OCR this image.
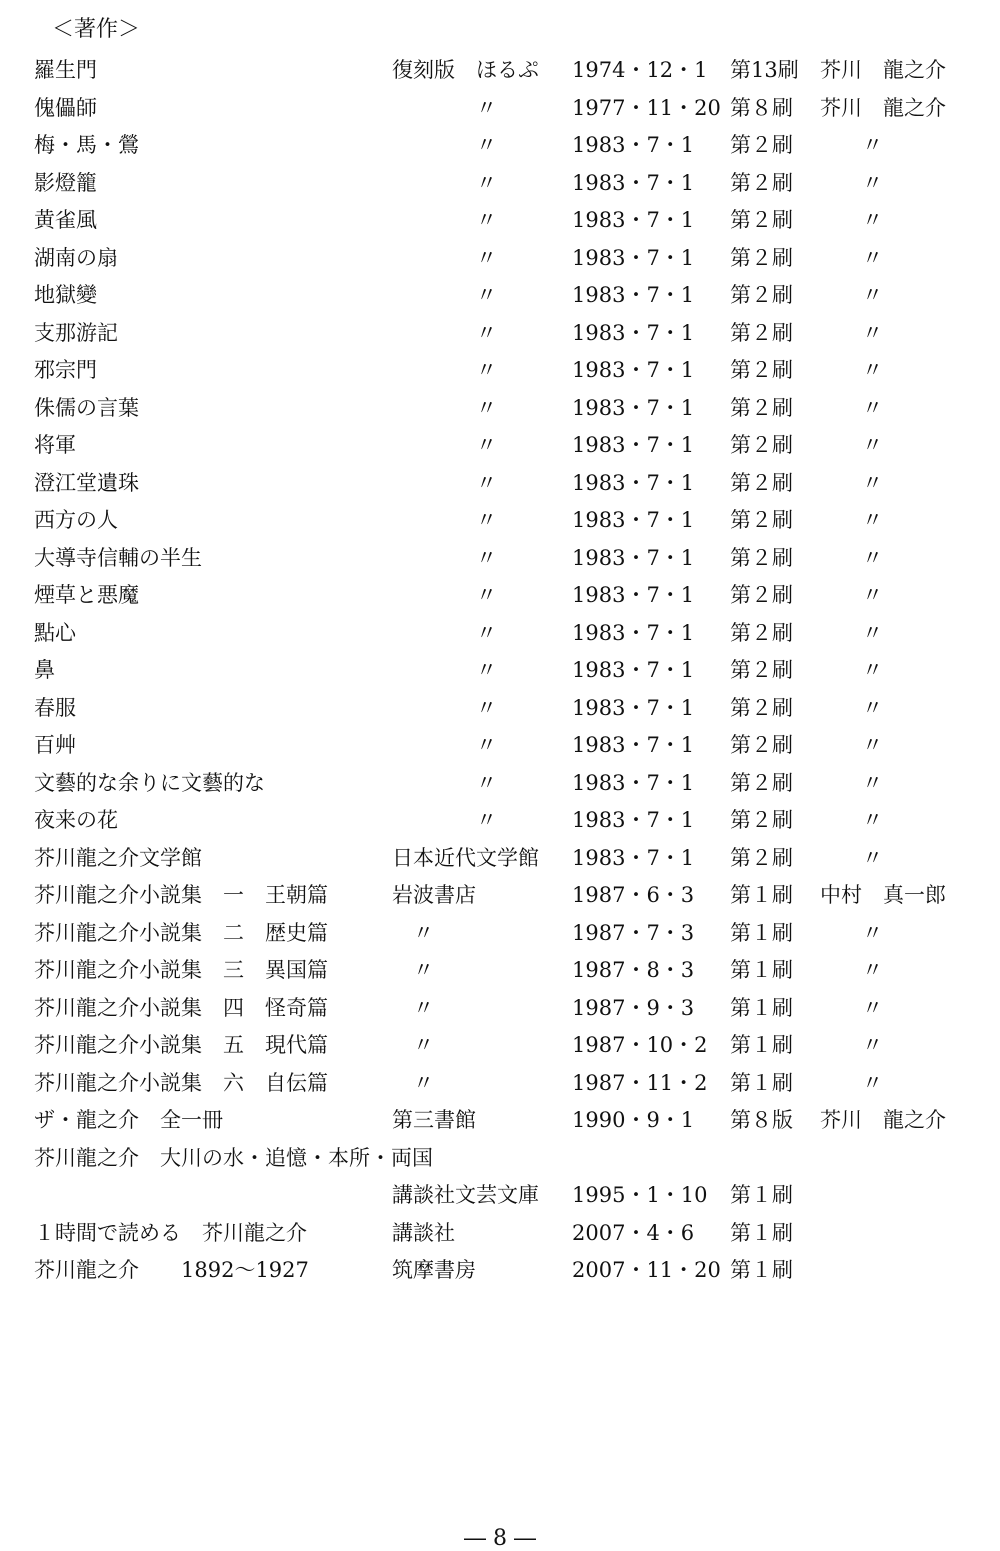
＜著作＞
羅生門	復刻版　ほるぷ 1974・12・1 第13刷 芥川　龍之介
傀儡師	　　　　〃	1977・11・20 第８刷 芥川　龍之介
梅・馬・鶯	　　　　〃	1983・7・1 第２刷 　　〃
影燈籠	　　　　〃	1983・7・1 第２刷 　　〃
黄雀風	　　　　〃	1983・7・1 第２刷 　　〃
湖南の扇	　　　　〃	1983・7・1 第２刷 　　〃
地獄變	　　　　〃	1983・7・1 第２刷 　　〃
支那游記	　　　　〃	1983・7・1 第２刷 　　〃
邪宗門	　　　　〃	1983・7・1 第２刷 　　〃
侏儒の言葉	　　　　〃	1983・7・1 第２刷 　　〃
将軍	　　　　〃	1983・7・1 第２刷 　　〃
澄江堂遺珠	　　　　〃	1983・7・1 第２刷 　　〃
西方の人	　　　　〃	1983・7・1 第２刷 　　〃
大導寺信輔の半生	　　　　〃	1983・7・1 第２刷 　　〃
煙草と悪魔	　　　　〃	1983・7・1 第２刷 　　〃
點心	　　　　〃	1983・7・1 第２刷 　　〃
鼻	　　　　〃	1983・7・1 第２刷 　　〃
春服	　　　　〃	1983・7・1 第２刷 　　〃
百艸	　　　　〃	1983・7・1 第２刷 　　〃
文藝的な余りに文藝的な	　　　　〃	1983・7・1 第２刷 　　〃
夜来の花	　　　　〃	1983・7・1 第２刷 　　〃
芥川龍之介文学館	日本近代文学館 1983・7・1 第２刷 　　〃
芥川龍之介小説集　一　王朝篇	岩波書店	1987・6・3 第１刷 中村　真一郎
芥川龍之介小説集　二　歴史篇	　〃	1987・7・3 第１刷 　　〃
芥川龍之介小説集　三　異国篇	　〃	1987・8・3 第１刷 　　〃
芥川龍之介小説集　四　怪奇篇	　〃	1987・9・3 第１刷 　　〃
芥川龍之介小説集　五　現代篇	　〃	1987・10・2 第１刷 　　〃
芥川龍之介小説集　六　自伝篇	　〃	1987・11・2 第１刷 　　〃
ザ・龍之介　全一冊	第三書館	1990・9・1 第８版 芥川　龍之介
芥川龍之介　大川の水・追憶・本所・両国
講談社文芸文庫 1995・1・10 第１刷
１時間で読める　芥川龍之介	講談社	2007・4・6 第１刷
芥川龍之介　　1892～1927	筑摩書房	2007・11・20 第１刷
― 8 ―
